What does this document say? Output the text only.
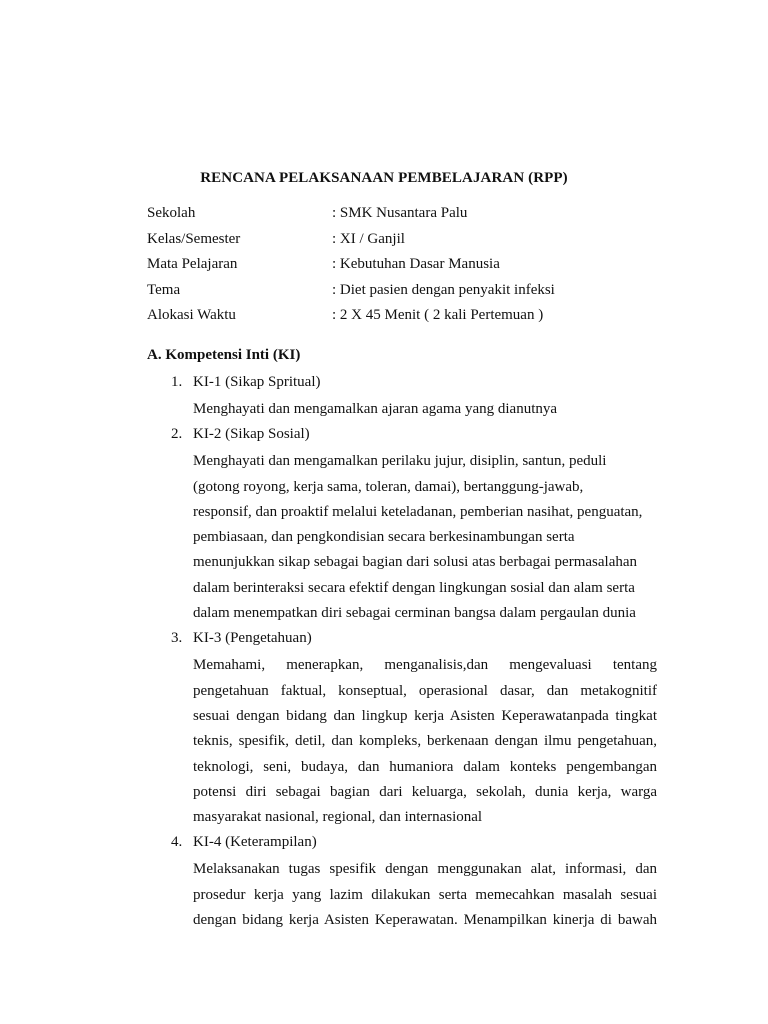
RENCANA PELAKSANAAN PEMBELAJARAN (RPP)
Sekolah	: SMK Nusantara Palu
Kelas/Semester	: XI / Ganjil
Mata Pelajaran	: Kebutuhan Dasar Manusia
Tema	: Diet pasien dengan penyakit infeksi
Alokasi Waktu	: 2 X 45 Menit ( 2 kali Pertemuan )
A. Kompetensi Inti (KI)
1. KI-1 (Sikap Spritual)
Menghayati dan mengamalkan ajaran agama yang dianutnya
2. KI-2 (Sikap Sosial)
Menghayati dan mengamalkan perilaku jujur, disiplin, santun, peduli
(gotong royong, kerja sama, toleran, damai), bertanggung-jawab,
responsif, dan proaktif melalui keteladanan, pemberian nasihat, penguatan,
pembiasaan, dan pengkondisian secara berkesinambungan serta
menunjukkan sikap sebagai bagian dari solusi atas berbagai permasalahan
dalam berinteraksi secara efektif dengan lingkungan sosial dan alam serta
dalam menempatkan diri sebagai cerminan bangsa dalam pergaulan dunia
3. KI-3 (Pengetahuan)
Memahami, menerapkan, menganalisis,dan mengevaluasi tentang
pengetahuan faktual, konseptual, operasional dasar, dan metakognitif
sesuai dengan bidang dan lingkup kerja Asisten Keperawatanpada tingkat
teknis, spesifik, detil, dan kompleks, berkenaan dengan ilmu pengetahuan,
teknologi, seni, budaya, dan humaniora dalam konteks pengembangan
potensi diri sebagai bagian dari keluarga, sekolah, dunia kerja, warga
masyarakat nasional, regional, dan internasional
4. KI-4 (Keterampilan)
Melaksanakan tugas spesifik dengan menggunakan alat, informasi, dan
prosedur kerja yang lazim dilakukan serta memecahkan masalah sesuai
dengan bidang kerja Asisten Keperawatan. Menampilkan kinerja di bawah
